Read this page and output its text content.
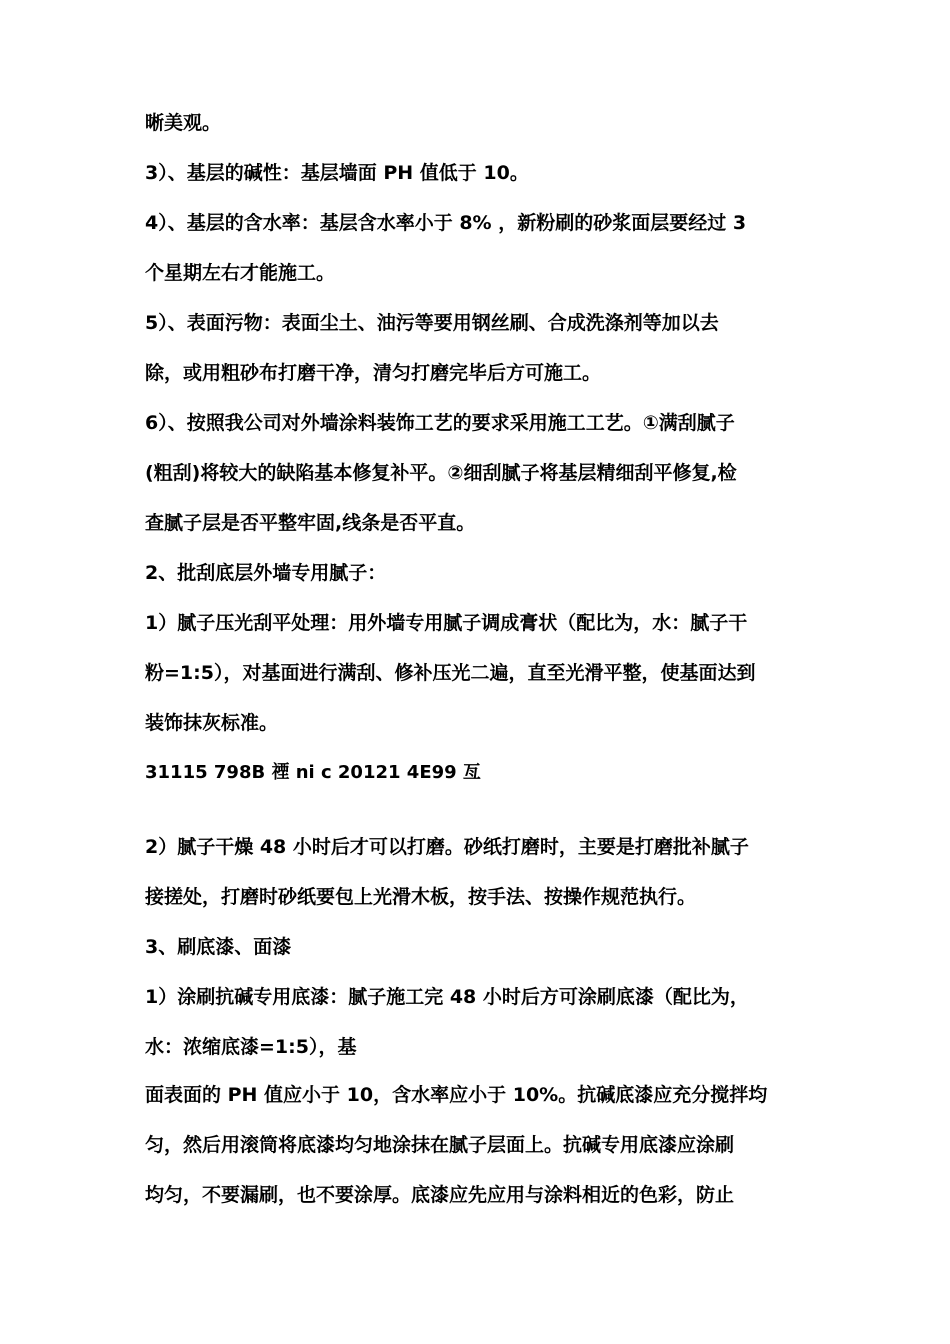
晰美观。
3）、基层的碱性：基层墙面 PH 值低于 10。
4）、基层的含水率：基层含水率小于 8% ，新粉刷的砂浆面层要经过 3
个星期左右才能施工。
5）、表面污物：表面尘土、油污等要用钢丝刷、合成洗涤剂等加以去
除，或用粗砂布打磨干净，清匀打磨完毕后方可施工。
6）、按照我公司对外墙涂料装饰工艺的要求采用施工工艺。①满刮腻子
(粗刮)将较大的缺陷基本修复补平。②细刮腻子将基层精细刮平修复,检
查腻子层是否平整牢固,线条是否平直。
2、批刮底层外墙专用腻子：
1）腻子压光刮平处理：用外墙专用腻子调成膏状（配比为，水：腻子干
粉=1:5），对基面进行满刮、修补压光二遍，直至光滑平整，使基面达到
装饰抹灰标准。
31115 798B 禋 ni c 20121 4E99 亙
2）腻子干燥 48 小时后才可以打磨。砂纸打磨时，主要是打磨批补腻子
接搓处，打磨时砂纸要包上光滑木板，按手法、按操作规范执行。
3、刷底漆、面漆
1）涂刷抗碱专用底漆：腻子施工完 48 小时后方可涂刷底漆（配比为，
水：浓缩底漆=1:5），基
面表面的 PH 值应小于 10，含水率应小于 10%。抗碱底漆应充分搅拌均
匀，然后用滚筒将底漆均匀地涂抹在腻子层面上。抗碱专用底漆应涂刷
均匀，不要漏刷，也不要涂厚。底漆应先应用与涂料相近的色彩，防止
